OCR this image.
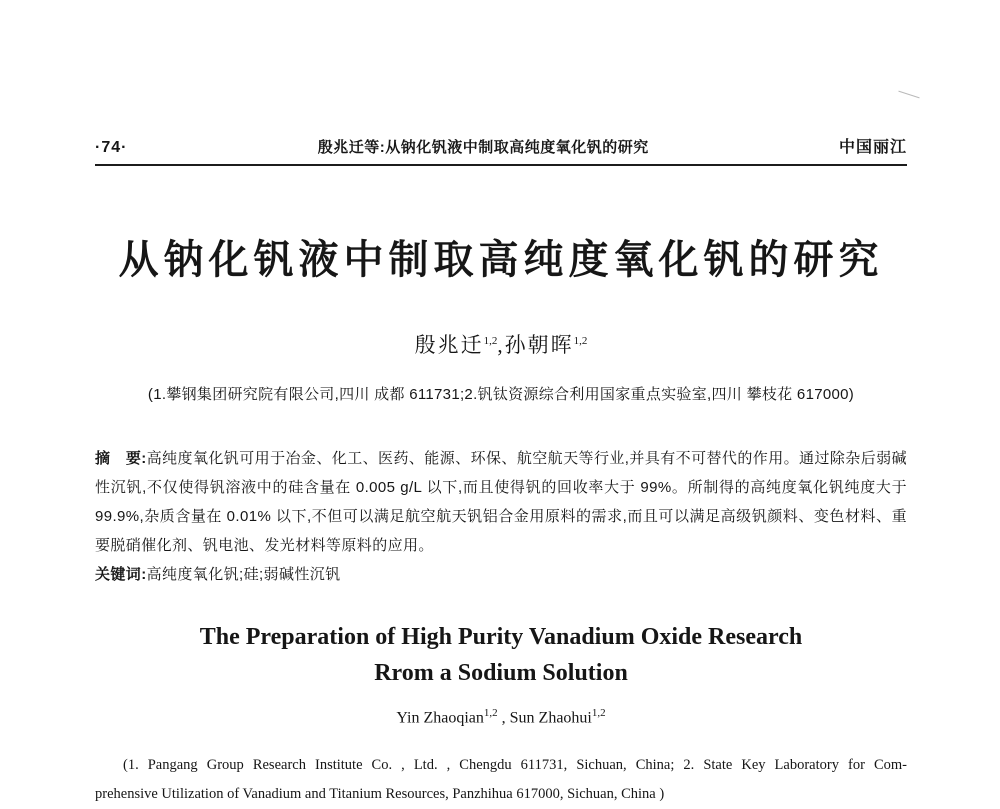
·74·	殷兆迁等:从钠化钒液中制取高纯度氧化钒的研究	中国丽江
从钠化钒液中制取高纯度氧化钒的研究
殷兆迁$^{1,2}$,孙朝晖$^{1,2}$
(1.攀钢集团研究院有限公司,四川 成都 611731;2.钒钛资源综合利用国家重点实验室,四川 攀枝花 617000)
摘　要:高纯度氧化钒可用于冶金、化工、医药、能源、环保、航空航天等行业,并具有不可替代的作用。通过除杂后弱碱性沉钒,不仅使得钒溶液中的硅含量在 0.005 g/L 以下,而且使得钒的回收率大于 99%。所制得的高纯度氧化钒纯度大于 99.9%,杂质含量在 0.01% 以下,不但可以满足航空航天钒铝合金用原料的需求,而且可以满足高级钒颜料、变色材料、重要脱硝催化剂、钒电池、发光材料等原料的应用。
关键词:高纯度氧化钒;硅;弱碱性沉钒
The Preparation of High Purity Vanadium Oxide Research
Rrom a Sodium Solution
Yin Zhaoqian$^{1,2}$ , Sun Zhaohui$^{1,2}$
(1. Pangang Group Research Institute Co. , Ltd. , Chengdu 611731, Sichuan, China; 2. State Key Laboratory for Com-
prehensive Utilization of Vanadium and Titanium Resources, Panzhihua 617000, Sichuan, China )
